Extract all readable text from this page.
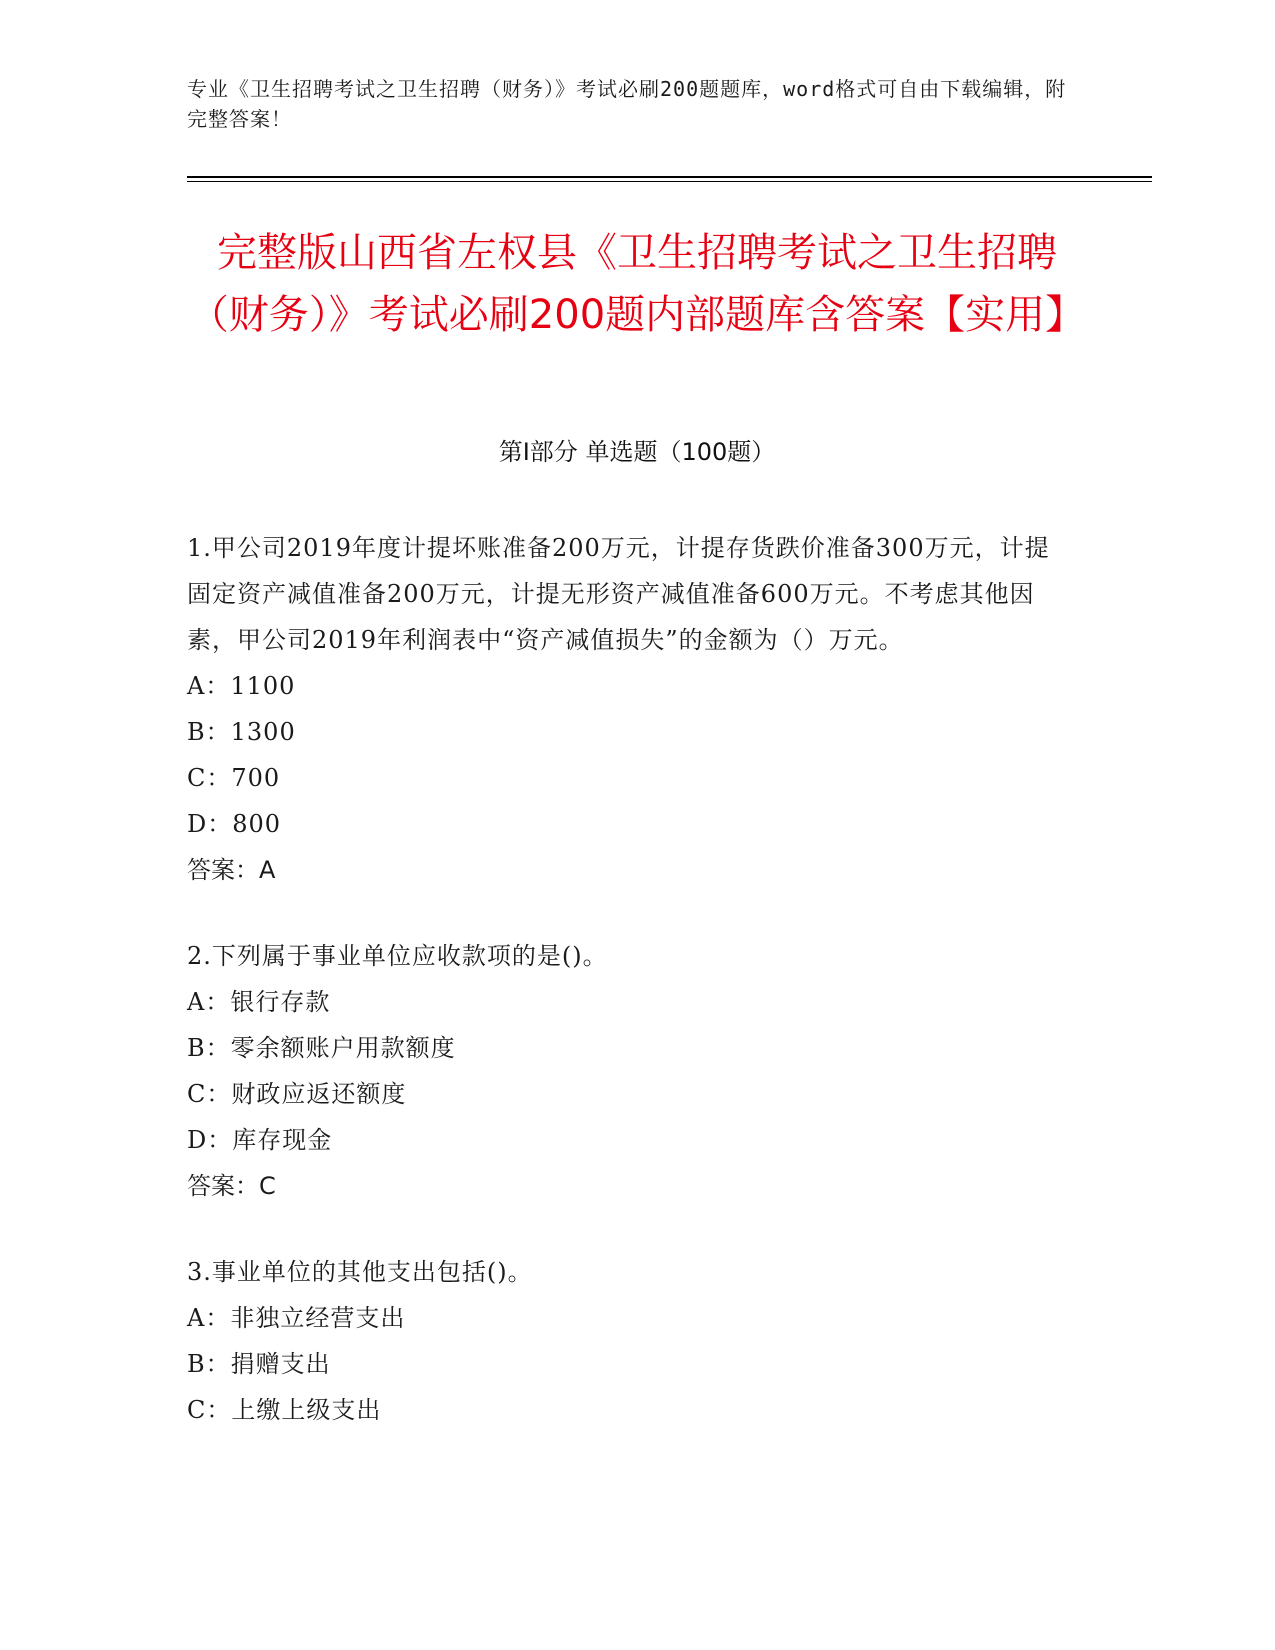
专业《卫生招聘考试之卫生招聘（财务）》考试必刷200题题库，word格式可自由下载编辑，附完整答案！
完整版山西省左权县《卫生招聘考试之卫生招聘（财务）》考试必刷200题内部题库含答案【实用】
第Ⅰ部分 单选题（100题）

1.甲公司2019年度计提坏账准备200万元，计提存货跌价准备300万元，计提固定资产减值准备200万元，计提无形资产减值准备600万元。不考虑其他因素，甲公司2019年利润表中“资产减值损失”的金额为（）万元。

A：1100

B：1300

C：700

D：800

答案：A

2.下列属于事业单位应收款项的是()。

A：银行存款

B：零余额账户用款额度

C：财政应返还额度

D：库存现金

答案：C

3.事业单位的其他支出包括()。

A：非独立经营支出

B：捐赠支出

C：上缴上级支出
